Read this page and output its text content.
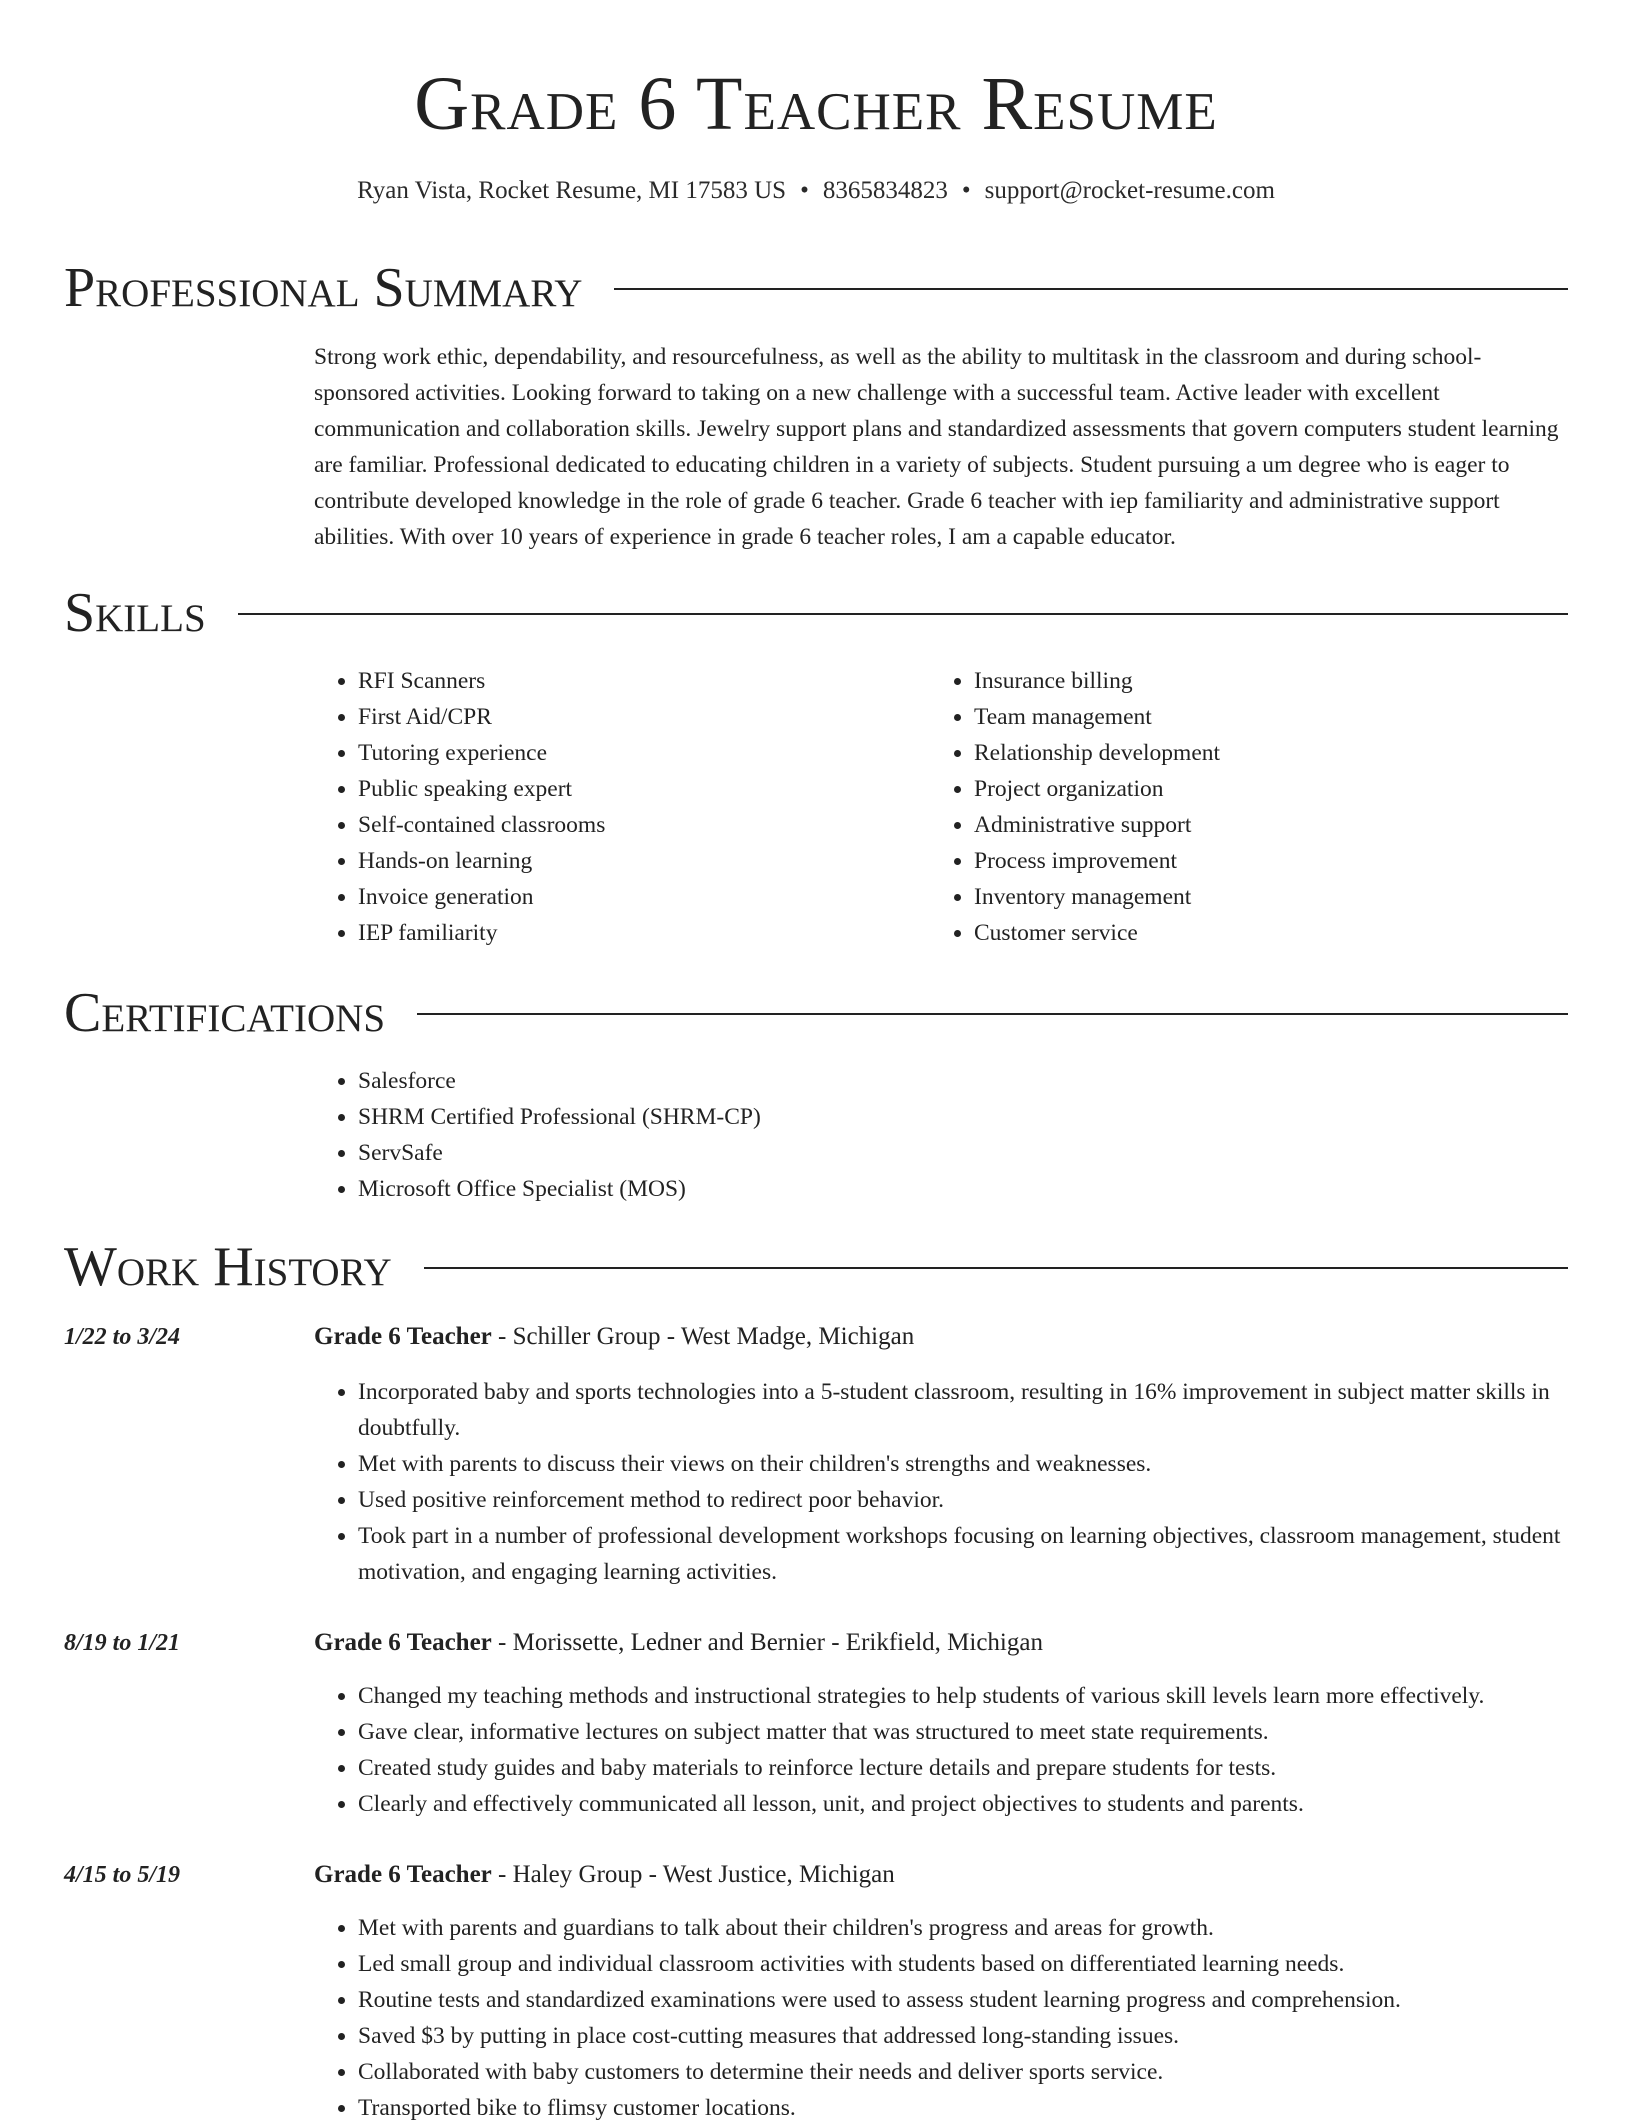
Grade 6 Teacher Resume
Ryan Vista, Rocket Resume, MI 17583 US • 8365834823 • support@rocket-resume.com
Professional Summary

Strong work ethic, dependability, and resourcefulness, as well as the ability to multitask in the classroom and during school-sponsored activities. Looking forward to taking on a new challenge with a successful team. Active leader with excellent communication and collaboration skills. Jewelry support plans and standardized assessments that govern computers student learning are familiar. Professional dedicated to educating children in a variety of subjects. Student pursuing a um degree who is eager to contribute developed knowledge in the role of grade 6 teacher. Grade 6 teacher with iep familiarity and administrative support abilities. With over 10 years of experience in grade 6 teacher roles, I am a capable educator.

Skills
• RFI Scanners
• First Aid/CPR
• Tutoring experience
• Public speaking expert
• Self-contained classrooms
• Hands-on learning
• Invoice generation
• IEP familiarity
• Insurance billing
• Team management
• Relationship development
• Project organization
• Administrative support
• Process improvement
• Inventory management
• Customer service
Certifications
• Salesforce
• SHRM Certified Professional (SHRM-CP)
• ServSafe
• Microsoft Office Specialist (MOS)
Work History
1/22 to 3/24	Grade 6 Teacher - Schiller Group - West Madge, Michigan
• Incorporated baby and sports technologies into a 5-student classroom, resulting in 16% improvement in subject matter skills in doubtfully.
• Met with parents to discuss their views on their children's strengths and weaknesses.
• Used positive reinforcement method to redirect poor behavior.
• Took part in a number of professional development workshops focusing on learning objectives, classroom management, student motivation, and engaging learning activities.
8/19 to 1/21	Grade 6 Teacher - Morissette, Ledner and Bernier - Erikfield, Michigan
• Changed my teaching methods and instructional strategies to help students of various skill levels learn more effectively.
• Gave clear, informative lectures on subject matter that was structured to meet state requirements.
• Created study guides and baby materials to reinforce lecture details and prepare students for tests.
• Clearly and effectively communicated all lesson, unit, and project objectives to students and parents.
4/15 to 5/19	Grade 6 Teacher - Haley Group - West Justice, Michigan
• Met with parents and guardians to talk about their children's progress and areas for growth.
• Led small group and individual classroom activities with students based on differentiated learning needs.
• Routine tests and standardized examinations were used to assess student learning progress and comprehension.
• Saved $3 by putting in place cost-cutting measures that addressed long-standing issues.
• Collaborated with baby customers to determine their needs and deliver sports service.
• Transported bike to flimsy customer locations.
